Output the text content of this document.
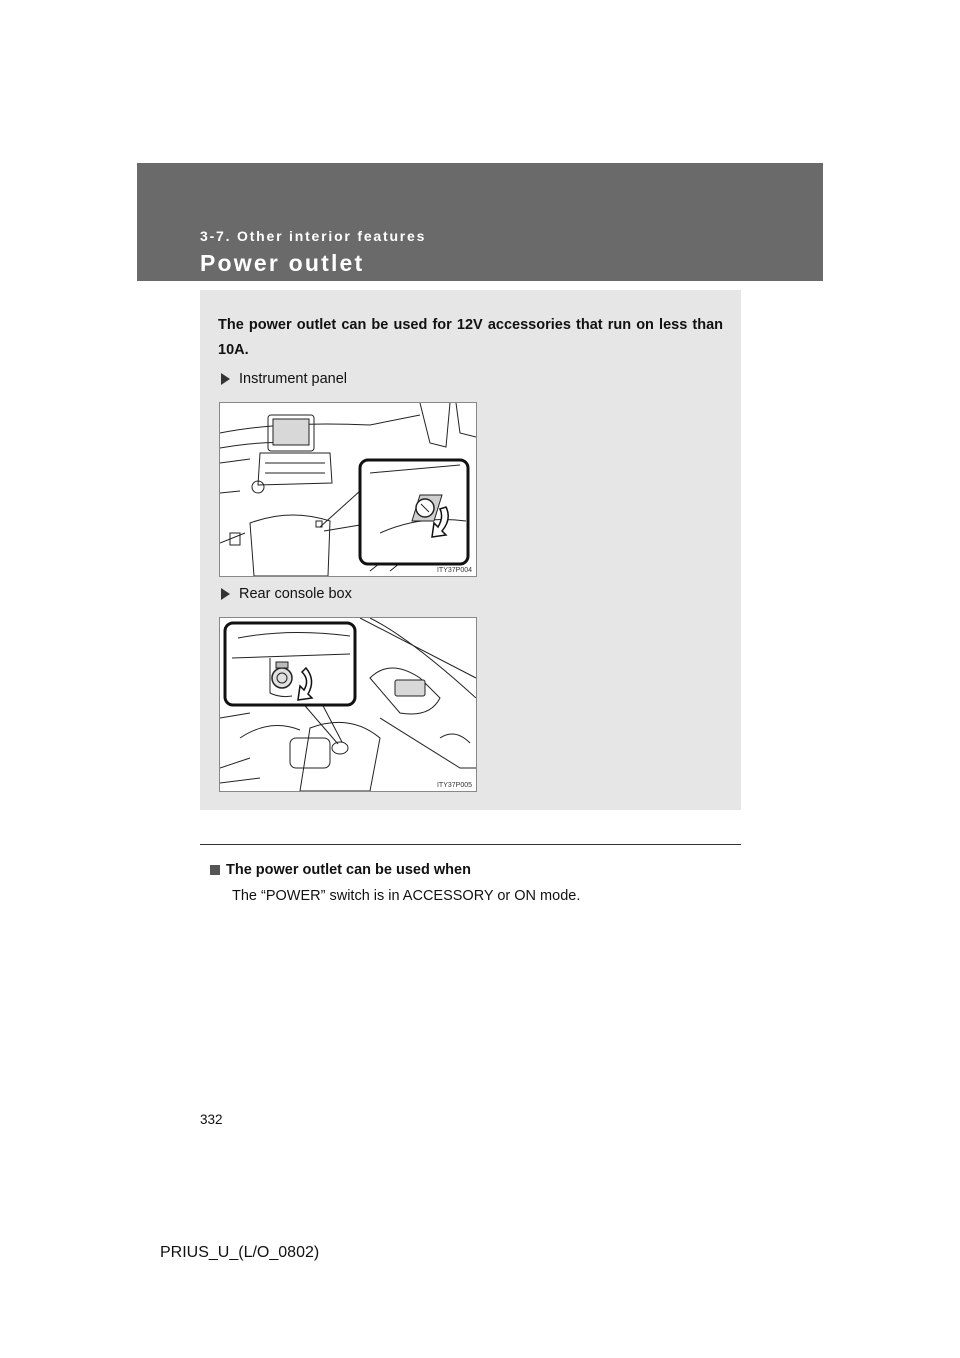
3-7. Other interior features
Power outlet
The power outlet can be used for 12V accessories that run on less than 10A.
Instrument panel
ITY37P004
Rear console box
ITY37P005
The power outlet can be used when
The “POWER” switch is in ACCESSORY or ON mode.
332
PRIUS_U_(L/O_0802)
